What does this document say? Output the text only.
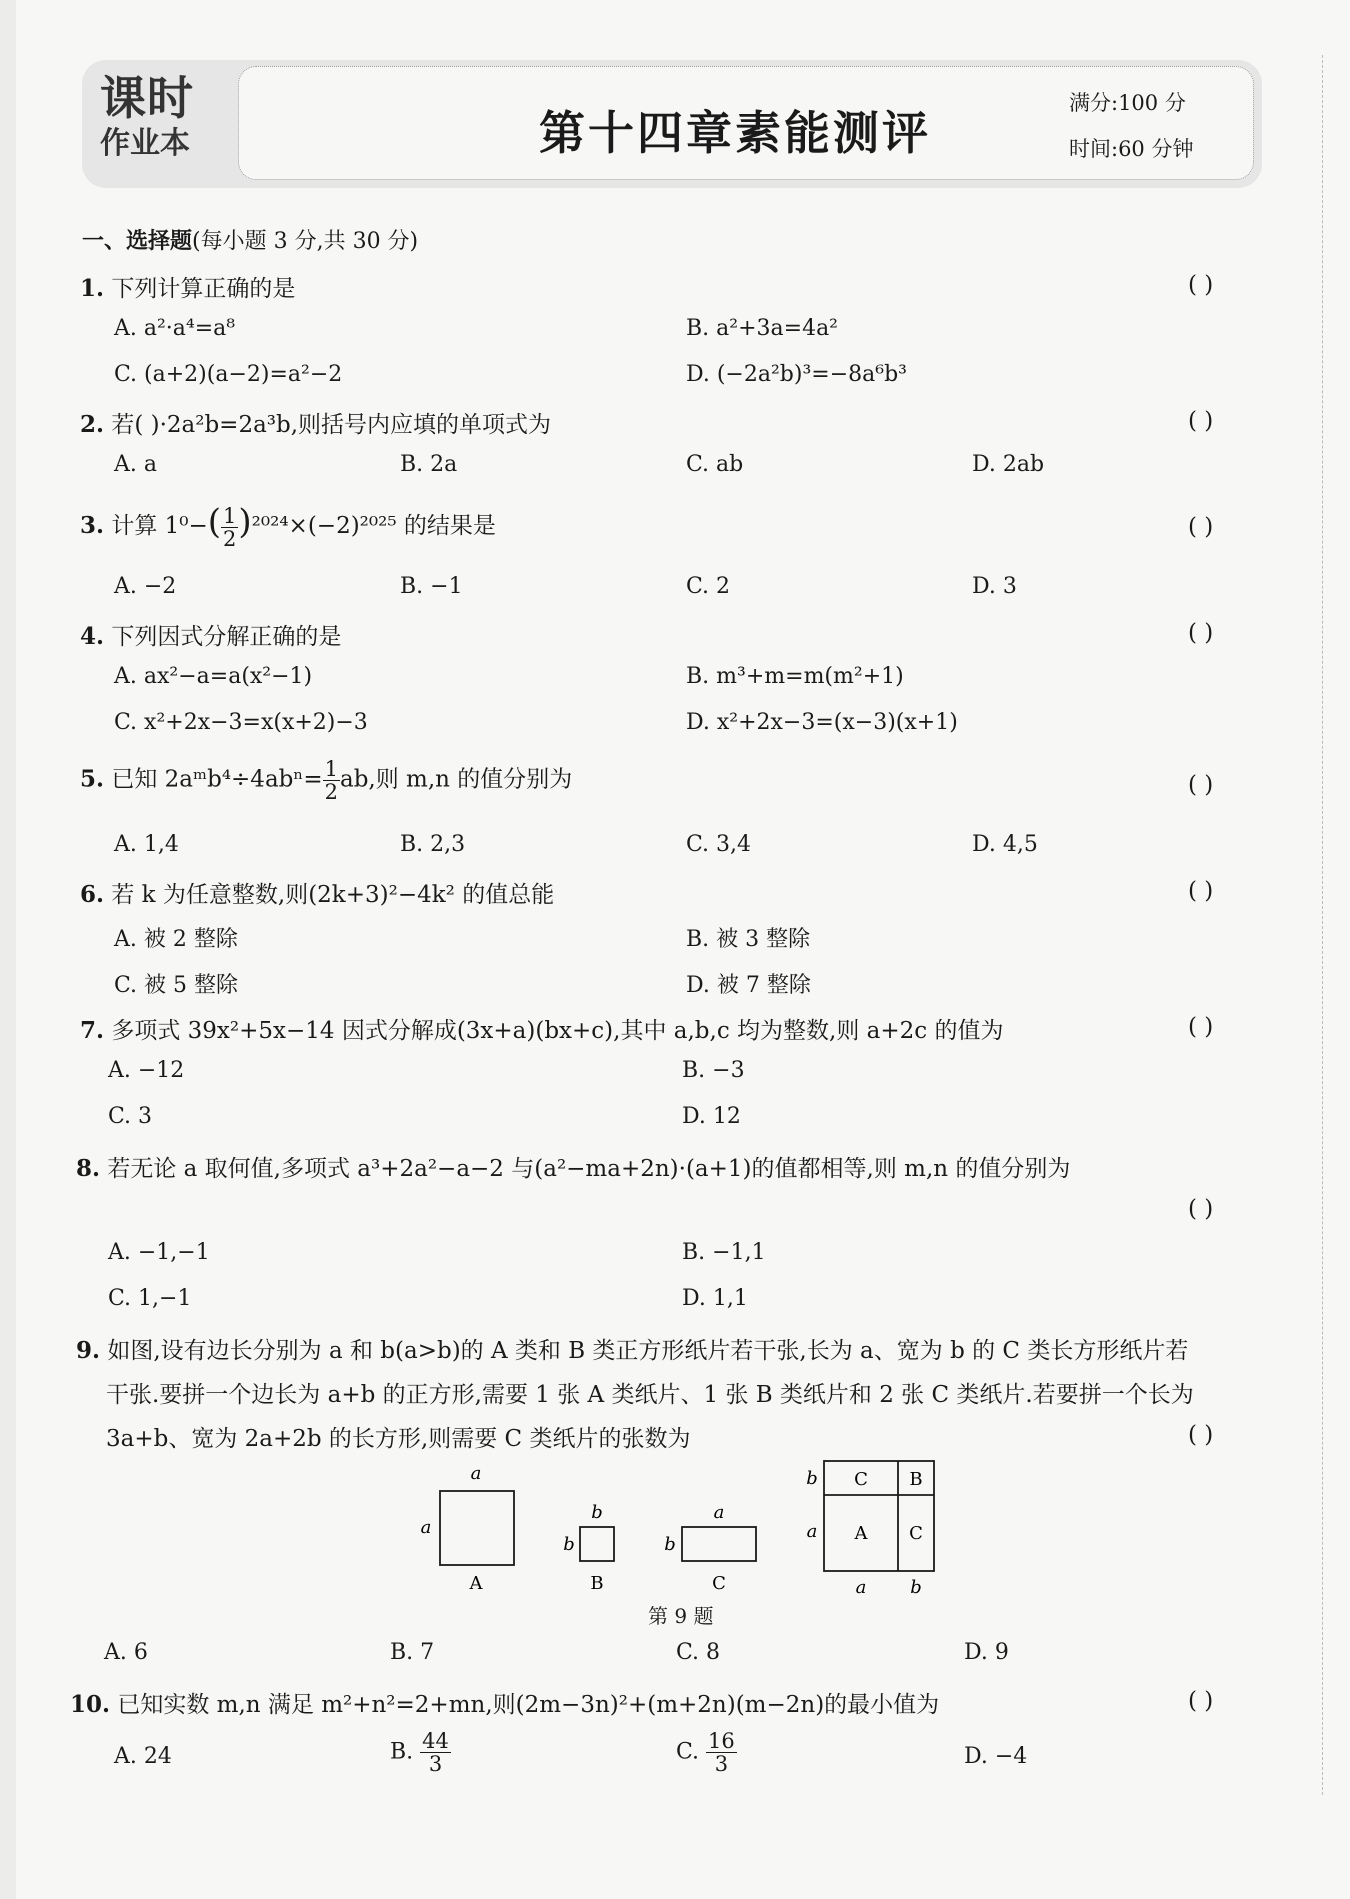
课时
作业本	第十四章素能测评
满分:100 分
时间:60 分钟
一、选择题(每小题 3 分,共 30 分)
1. 下列计算正确的是	( )
A. a²·a⁴=a⁸	B. a²+3a=4a²
C. (a+2)(a−2)=a²−2	D. (−2a²b)³=−8a⁶b³
2. 若( )·2a²b=2a³b,则括号内应填的单项式为	( )
A. a	B. 2a	C. ab	D. 2ab
3. 计算 $1^0-( \frac{1}{2} )^{2024}\times(-2)^{2025}$ 的结果是	( )
A. −2	B. −1	C. 2	D. 3
4. 下列因式分解正确的是	( )
A. ax²−a=a(x²−1)	B. m³+m=m(m²+1)
C. x²+2x−3=x(x+2)−3	D. x²+2x−3=(x−3)(x+1)
5. 已知 2aᵐb⁴÷4abⁿ= $\frac{1}{2}$ ab,则 m,n 的值分别为	( )
A. 1,4	B. 2,3	C. 3,4	D. 4,5
6. 若 k 为任意整数,则(2k+3)²−4k² 的值总能	( )
A. 被 2 整除	B. 被 3 整除
C. 被 5 整除	D. 被 7 整除
7. 多项式 39x²+5x−14 因式分解成(3x+a)(bx+c),其中 a,b,c 均为整数,则 a+2c 的值为	( )
A. −12	B. −3
C. 3	D. 12
8. 若无论 a 取何值,多项式 a³+2a²−a−2 与(a²−ma+2n)·(a+1)的值都相等,则 m,n 的值分别为
( )
A. −1,−1	B. −1,1
C. 1,−1	D. 1,1
9. 如图,设有边长分别为 a 和 b(a>b)的 A 类和 B 类正方形纸片若干张,长为 a、宽为 b 的 C 类长方形纸片若
干张.要拼一个边长为 a+b 的正方形,需要 1 张 A 类纸片、1 张 B 类纸片和 2 张 C 类纸片.若要拼一个长为
3a+b、宽为 2a+2b 的长方形,则需要 C 类纸片的张数为	( )
a
a
A
b
b
B
a
b
C
C B
A C
b
a
a b
第 9 题
A. 6	B. 7	C. 8	D. 9
10. 已知实数 m,n 满足 m²+n²=2+mn,则(2m−3n)²+(m+2n)(m−2n)的最小值为	( )
A. 24	B. $\frac{44}{3}$	C. $\frac{16}{3}$	D. −4
